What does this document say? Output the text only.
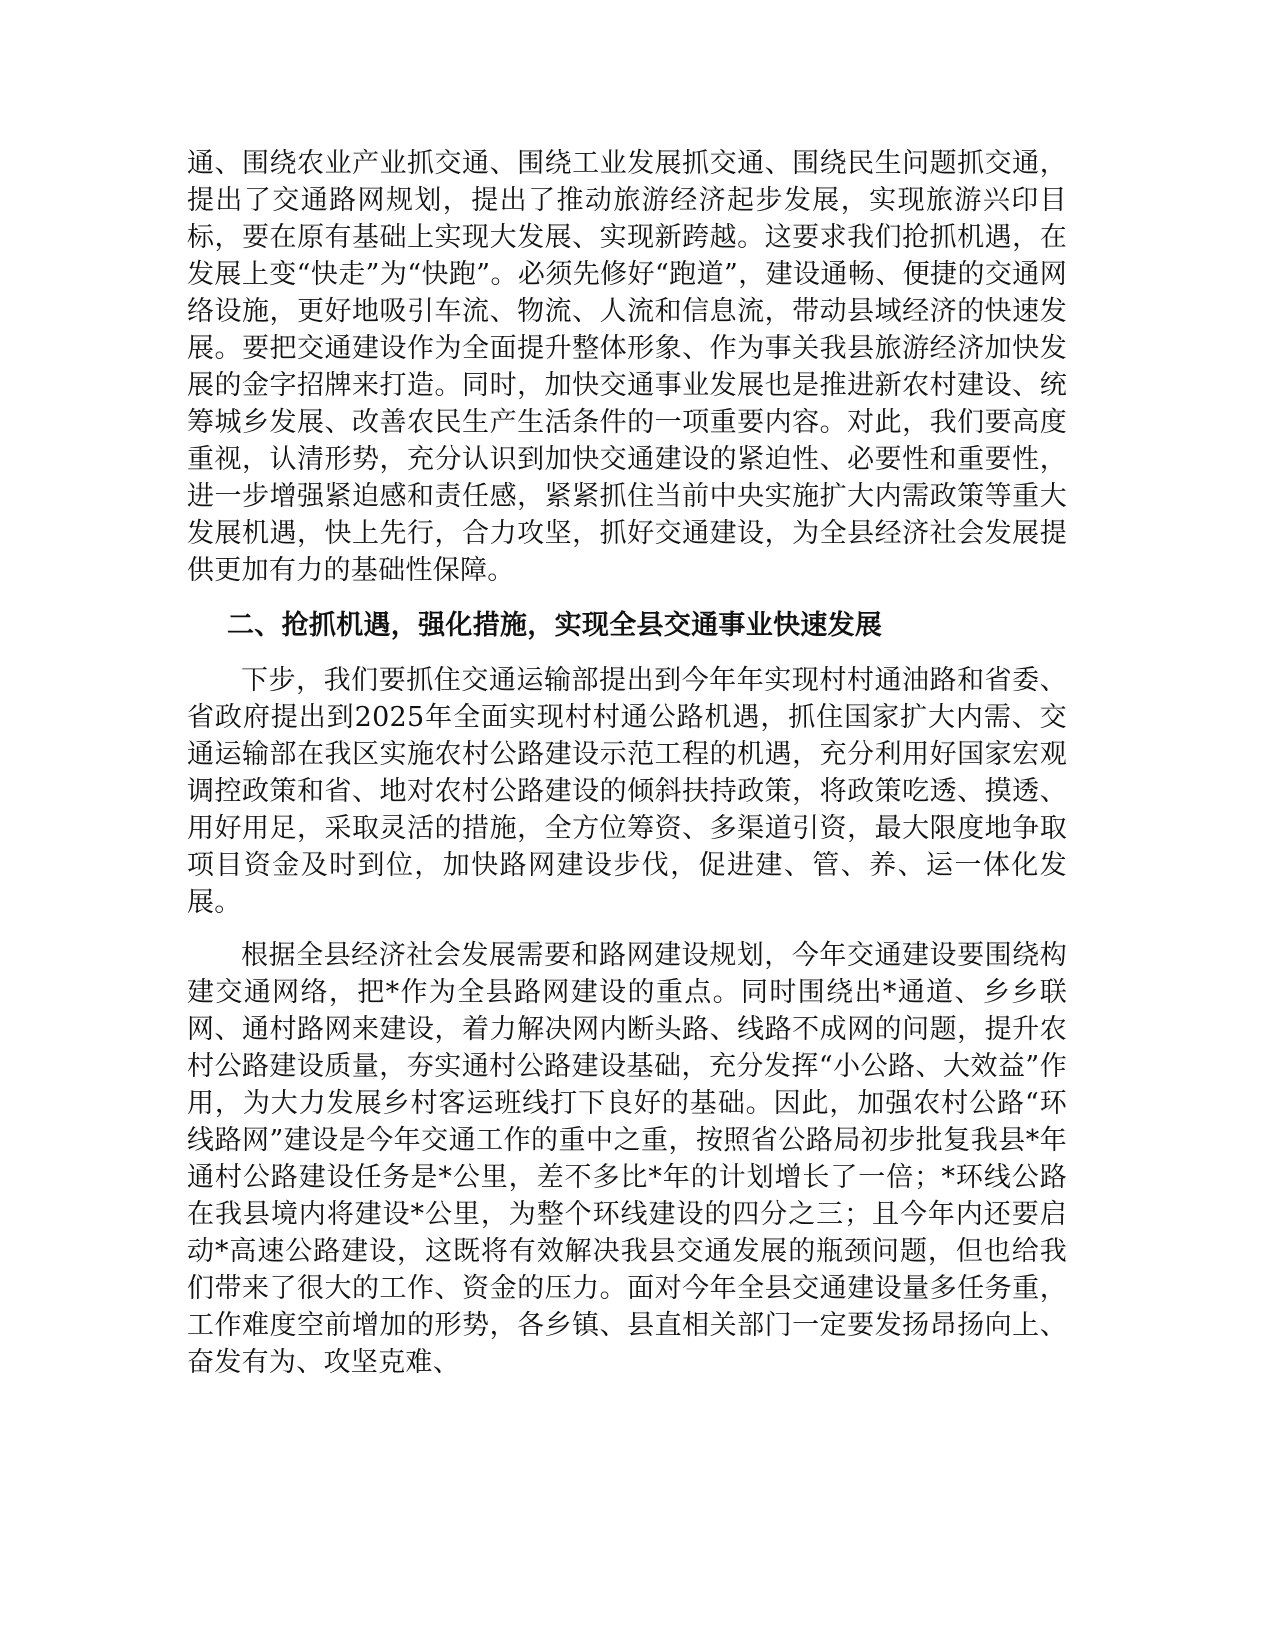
通、围绕农业产业抓交通、围绕工业发展抓交通、围绕民生问题抓交通，提出了交通路网规划，提出了推动旅游经济起步发展，实现旅游兴印目标，要在原有基础上实现大发展、实现新跨越。这要求我们抢抓机遇，在发展上变“快走”为“快跑”。必须先修好“跑道”，建设通畅、便捷的交通网络设施，更好地吸引车流、物流、人流和信息流，带动县域经济的快速发展。要把交通建设作为全面提升整体形象、作为事关我县旅游经济加快发展的金字招牌来打造。同时，加快交通事业发展也是推进新农村建设、统筹城乡发展、改善农民生产生活条件的一项重要内容。对此，我们要高度重视，认清形势，充分认识到加快交通建设的紧迫性、必要性和重要性，进一步增强紧迫感和责任感，紧紧抓住当前中央实施扩大内需政策等重大发展机遇，快上先行，合力攻坚，抓好交通建设，为全县经济社会发展提供更加有力的基础性保障。

二、抢抓机遇，强化措施，实现全县交通事业快速发展

下步，我们要抓住交通运输部提出到今年年实现村村通油路和省委、省政府提出到2025年全面实现村村通公路机遇，抓住国家扩大内需、交通运输部在我区实施农村公路建设示范工程的机遇，充分利用好国家宏观调控政策和省、地对农村公路建设的倾斜扶持政策，将政策吃透、摸透、用好用足，采取灵活的措施，全方位筹资、多渠道引资，最大限度地争取项目资金及时到位，加快路网建设步伐，促进建、管、养、运一体化发展。

根据全县经济社会发展需要和路网建设规划，今年交通建设要围绕构建交通网络，把*作为全县路网建设的重点。同时围绕出*通道、乡乡联网、通村路网来建设，着力解决网内断头路、线路不成网的问题，提升农村公路建设质量，夯实通村公路建设基础，充分发挥“小公路、大效益”作用，为大力发展乡村客运班线打下良好的基础。因此，加强农村公路“环线路网”建设是今年交通工作的重中之重，按照省公路局初步批复我县*年通村公路建设任务是*公里，差不多比*年的计划增长了一倍；*环线公路在我县境内将建设*公里，为整个环线建设的四分之三；且今年内还要启动*高速公路建设，这既将有效解决我县交通发展的瓶颈问题，但也给我们带来了很大的工作、资金的压力。面对今年全县交通建设量多任务重，工作难度空前增加的形势，各乡镇、县直相关部门一定要发扬昂扬向上、奋发有为、攻坚克难、
